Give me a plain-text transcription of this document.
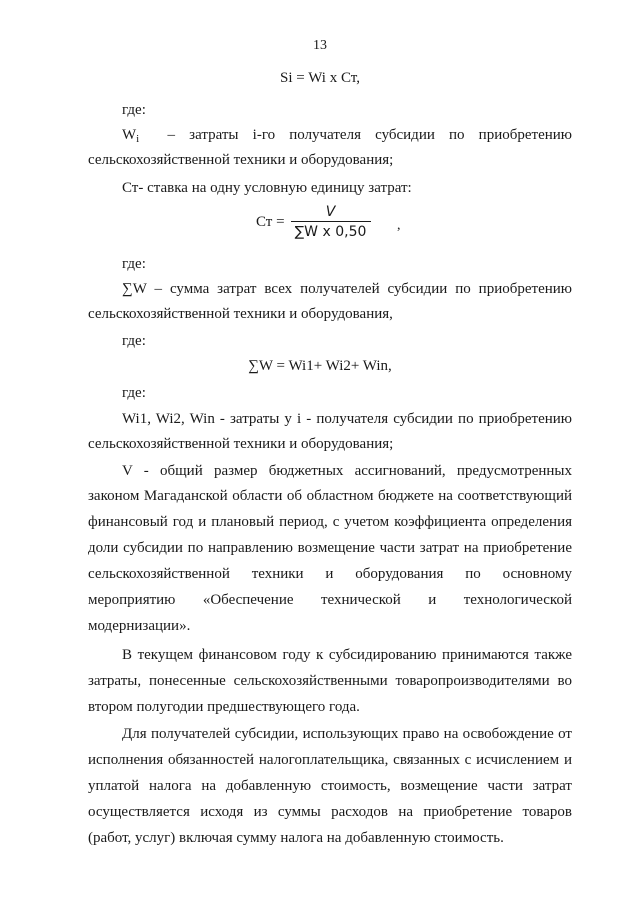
13
Si = Wi x Ст,
где:
$W_i$ – затраты i-го получателя субсидии по приобретению
сельскохозяйственной техники и оборудования;
Ст- ставка на одну условную единицу затрат:
Ст = $\frac{V}{\text{∑W x 0,50}}$ ,
где:
∑W – сумма затрат всех получателей субсидии по приобретению
сельскохозяйственной техники и оборудования,
где:
∑W = Wi1+ Wi2+ Win,
где:
Wi1, Wi2, Win - затраты у i - получателя субсидии по приобретению
сельскохозяйственной техники и оборудования;
V - общий размер бюджетных ассигнований, предусмотренных
законом Магаданской области об областном бюджете на соответствующий
финансовый год и плановый период, с учетом коэффициента определения
доли субсидии по направлению возмещение части затрат на приобретение
сельскохозяйственной техники и оборудования по основному
мероприятию «Обеспечение технической и технологической
модернизации».
В текущем финансовом году к субсидированию принимаются также
затраты, понесенные сельскохозяйственными товаропроизводителями во
втором полугодии предшествующего года.
Для получателей субсидии, использующих право на освобождение от
исполнения обязанностей налогоплательщика, связанных с исчислением и
уплатой налога на добавленную стоимость, возмещение части затрат
осуществляется исходя из суммы расходов на приобретение товаров
(работ, услуг) включая сумму налога на добавленную стоимость.
